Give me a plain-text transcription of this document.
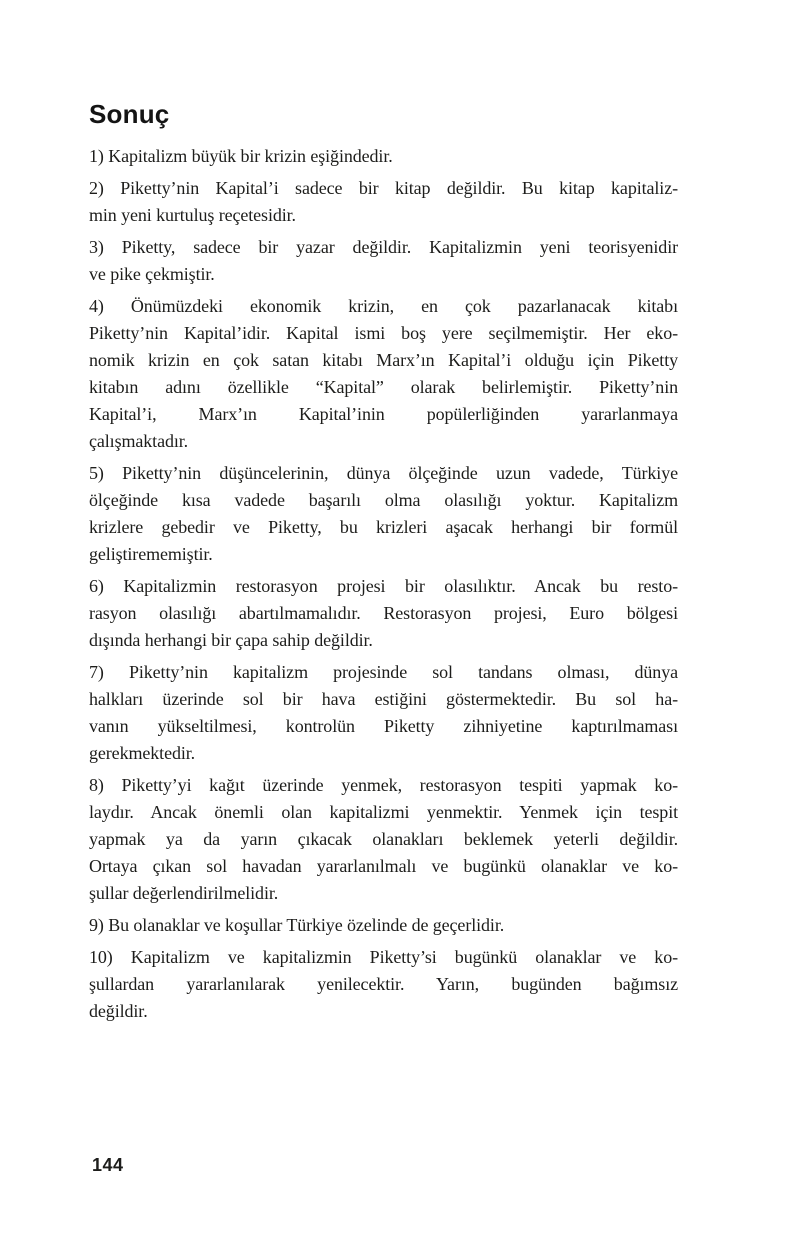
Sonuç

1) Kapitalizm büyük bir krizin eşiğindedir.

2) Piketty’nin Kapital’i sadece bir kitap değildir. Bu kitap kapitaliz-
min yeni kurtuluş reçetesidir.

3) Piketty, sadece bir yazar değildir. Kapitalizmin yeni teorisyenidir
ve pike çekmiştir.

4) Önümüzdeki ekonomik krizin, en çok pazarlanacak kitabı
Piketty’nin Kapital’idir. Kapital ismi boş yere seçilmemiştir. Her eko-
nomik krizin en çok satan kitabı Marx’ın Kapital’i olduğu için Piketty
kitabın adını özellikle “Kapital” olarak belirlemiştir. Piketty’nin
Kapital’i, Marx’ın Kapital’inin popülerliğinden yararlanmaya
çalışmaktadır.

5) Piketty’nin düşüncelerinin, dünya ölçeğinde uzun vadede, Türkiye
ölçeğinde kısa vadede başarılı olma olasılığı yoktur. Kapitalizm
krizlere gebedir ve Piketty, bu krizleri aşacak herhangi bir formül
geliştirememiştir.

6) Kapitalizmin restorasyon projesi bir olasılıktır. Ancak bu resto-
rasyon olasılığı abartılmamalıdır. Restorasyon projesi, Euro bölgesi
dışında herhangi bir çapa sahip değildir.

7) Piketty’nin kapitalizm projesinde sol tandans olması, dünya
halkları üzerinde sol bir hava estiğini göstermektedir. Bu sol ha-
vanın yükseltilmesi, kontrolün Piketty zihniyetine kaptırılmaması
gerekmektedir.

8) Piketty’yi kağıt üzerinde yenmek, restorasyon tespiti yapmak ko-
laydır. Ancak önemli olan kapitalizmi yenmektir. Yenmek için tespit
yapmak ya da yarın çıkacak olanakları beklemek yeterli değildir.
Ortaya çıkan sol havadan yararlanılmalı ve bugünkü olanaklar ve ko-
şullar değerlendirilmelidir.

9) Bu olanaklar ve koşullar Türkiye özelinde de geçerlidir.

10) Kapitalizm ve kapitalizmin Piketty’si bugünkü olanaklar ve ko-
şullardan yararlanılarak yenilecektir. Yarın, bugünden bağımsız
değildir.

144
